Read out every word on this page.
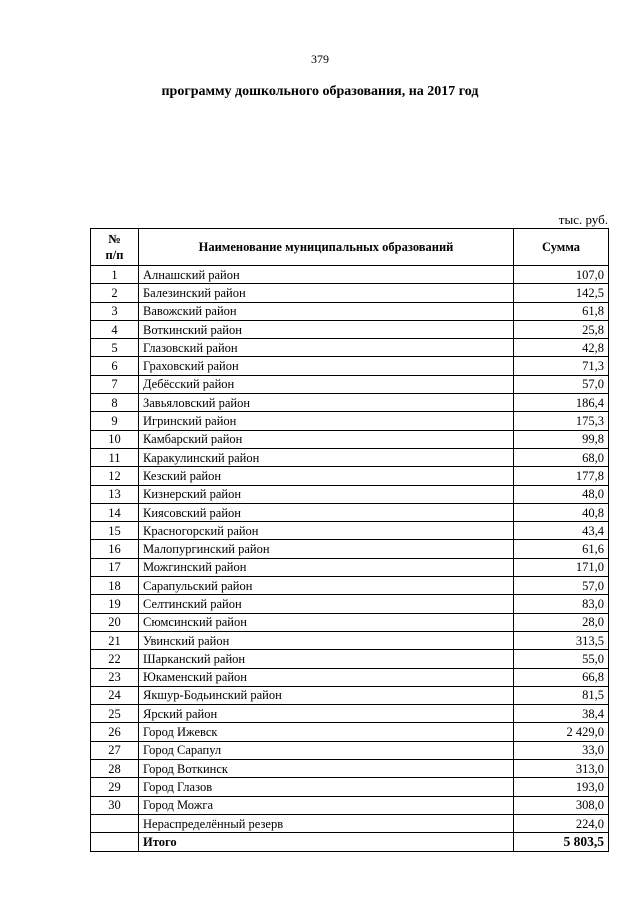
379
программу дошкольного образования, на 2017 год
тыс. руб.
№
п/п	Наименование муниципальных образований	Сумма
1	Алнашский район	107,0
2	Балезинский район	142,5
3	Вавожский район	61,8
4	Воткинский район	25,8
5	Глазовский район	42,8
6	Граховский район	71,3
7	Дебёсский район	57,0
8	Завьяловский район	186,4
9	Игринский район	175,3
10	Камбарский район	99,8
11	Каракулинский район	68,0
12	Кезский район	177,8
13	Кизнерский район	48,0
14	Киясовский район	40,8
15	Красногорский район	43,4
16	Малопургинский район	61,6
17	Можгинский район	171,0
18	Сарапульский район	57,0
19	Селтинский район	83,0
20	Сюмсинский район	28,0
21	Увинский район	313,5
22	Шарканский район	55,0
23	Юкаменский район	66,8
24	Якшур-Бодьинский район	81,5
25	Ярский район	38,4
26	Город Ижевск	2 429,0
27	Город Сарапул	33,0
28	Город Воткинск	313,0
29	Город Глазов	193,0
30	Город Можга	308,0
	Нераспределённый резерв	224,0
	Итого	5 803,5
